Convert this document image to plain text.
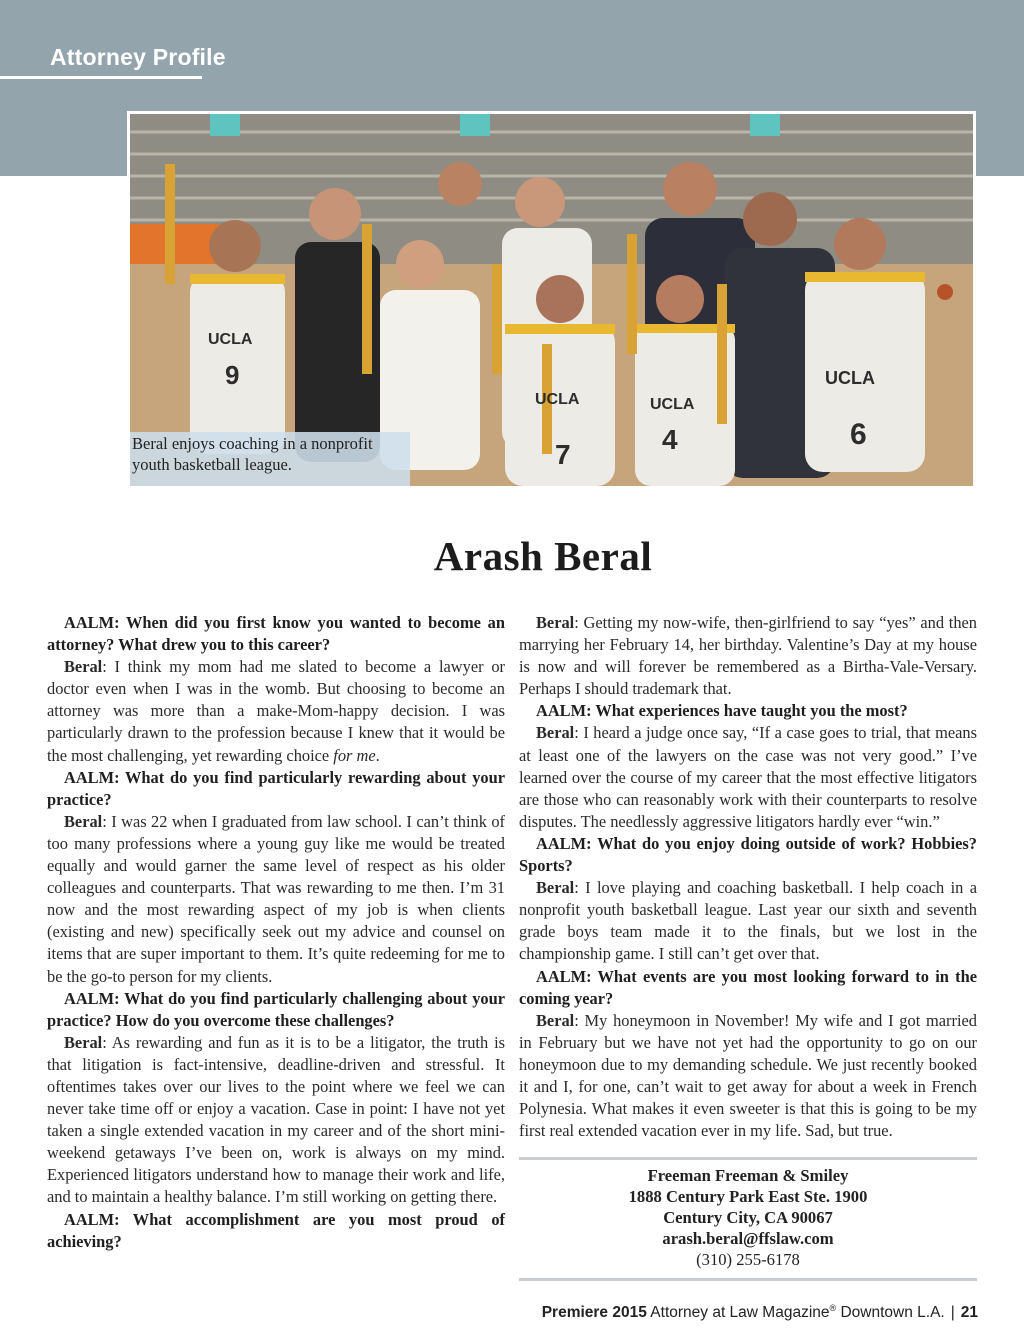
Attorney Profile
UCLA
9
UCLA
7
UCLA
4
UCLA
6
Beral enjoys coaching in a nonprofit youth basketball league.
Arash Beral

AALM: When did you first know you wanted to become an attorney? What drew you to this career?

Beral: I think my mom had me slated to become a lawyer or doctor even when I was in the womb. But choosing to become an attorney was more than a make-Mom-happy decision. I was particularly drawn to the profession because I knew that it would be the most challenging, yet rewarding choice for me.

AALM: What do you find particularly rewarding about your practice?

Beral: I was 22 when I graduated from law school. I can’t think of too many professions where a young guy like me would be treated equally and would garner the same level of respect as his older colleagues and counterparts. That was rewarding to me then. I’m 31 now and the most rewarding aspect of my job is when clients (existing and new) specifically seek out my advice and counsel on items that are super important to them. It’s quite redeeming for me to be the go-to person for my clients.

AALM: What do you find particularly challenging about your practice? How do you overcome these challenges?

Beral: As rewarding and fun as it is to be a litigator, the truth is that litigation is fact-intensive, deadline-driven and stressful. It oftentimes takes over our lives to the point where we feel we can never take time off or enjoy a vacation. Case in point: I have not yet taken a single extended vacation in my career and of the short mini-weekend getaways I’ve been on, work is always on my mind. Experienced litigators understand how to manage their work and life, and to maintain a healthy balance. I’m still working on getting there.

AALM: What accomplishment are you most proud of achieving?

Beral: Getting my now-wife, then-girlfriend to say “yes” and then marrying her February 14, her birthday. Valentine’s Day at my house is now and will forever be remembered as a Birtha-Vale-Versary. Perhaps I should trademark that.

AALM: What experiences have taught you the most?

Beral: I heard a judge once say, “If a case goes to trial, that means at least one of the lawyers on the case was not very good.” I’ve learned over the course of my career that the most effective litigators are those who can reasonably work with their counterparts to resolve disputes. The needlessly aggressive litigators hardly ever “win.”

AALM: What do you enjoy doing outside of work? Hobbies? Sports?

Beral: I love playing and coaching basketball. I help coach in a nonprofit youth basketball league. Last year our sixth and seventh grade boys team made it to the finals, but we lost in the championship game. I still can’t get over that.

AALM: What events are you most looking forward to in the coming year?

Beral: My honeymoon in November! My wife and I got married in February but we have not yet had the opportunity to go on our honeymoon due to my demanding schedule. We just recently booked it and I, for one, can’t wait to get away for about a week in French Polynesia. What makes it even sweeter is that this is going to be my first real extended vacation ever in my life. Sad, but true.

Freeman Freeman & Smiley
1888 Century Park East Ste. 1900
Century City, CA 90067
arash.beral@ffslaw.com
(310) 255-6178
Premiere 2015 Attorney at Law Magazine® Downtown L.A. | 21
